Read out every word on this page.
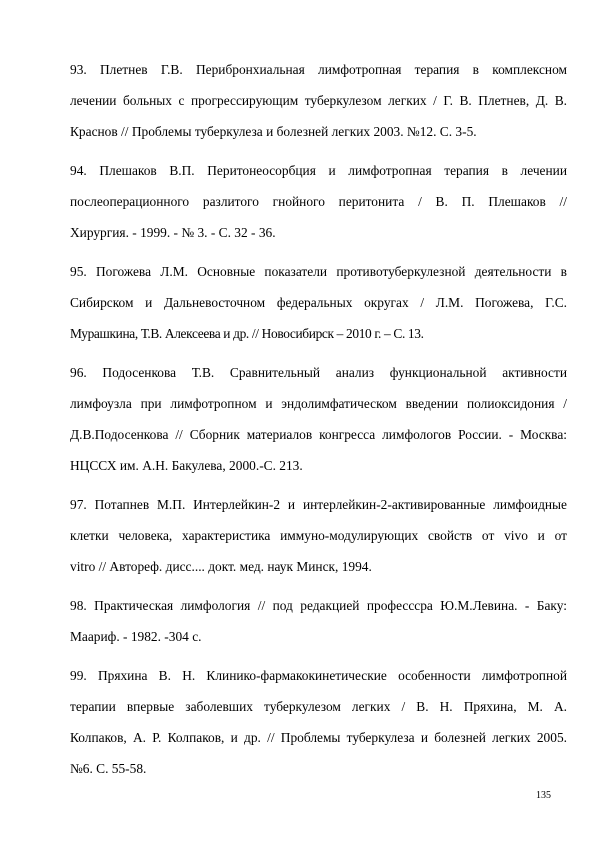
93. Плетнев Г.В. Перибронхиальная лимфотропная терапия в комплексном
лечении больных с прогрессирующим туберкулезом легких / Г. В. Плетнев, Д. В.
Краснов // Проблемы туберкулеза и болезней легких 2003. №12. С. 3-5.
94. Плешаков В.П. Перитонеосорбция и лимфотропная терапия в лечении
послеоперационного разлитого гнойного перитонита / В. П. Плешаков //
Хирургия. - 1999. - № 3. - С. 32 - 36.
95. Погожева Л.М. Основные показатели противотуберкулезной деятельности в
Сибирском и Дальневосточном федеральных округах / Л.М. Погожева, Г.С.
Мурашкина, Т.В. Алексеева и др. // Новосибирск – 2010 г. – С. 13.
96. Подосенкова Т.В. Сравнительный анализ функциональной активности
лимфоузла при лимфотропном и эндолимфатическом введении полиоксидония /
Д.В.Подосенкова // Сборник материалов конгресса лимфологов России. - Москва:
НЦССХ им. А.Н. Бакулева, 2000.-С. 213.
97. Потапнев М.П. Интерлейкин-2 и интерлейкин-2-активированные лимфоидные
клетки человека, характеристика иммуно-модулирующих свойств от vivo и от
vitro // Автореф. дисс.... докт. мед. наук Минск, 1994.
98. Практическая лимфология // под редакцией професссра Ю.М.Левина. - Баку:
Маариф. - 1982. -304 с.
99. Пряхина В. Н. Клинико-фармакокинетические особенности лимфотропной
терапии впервые заболевших туберкулезом легких / В. Н. Пряхина, М. А.
Колпаков, А. Р. Колпаков, и др. // Проблемы туберкулеза и болезней легких 2005.
№6. С. 55-58.
135
